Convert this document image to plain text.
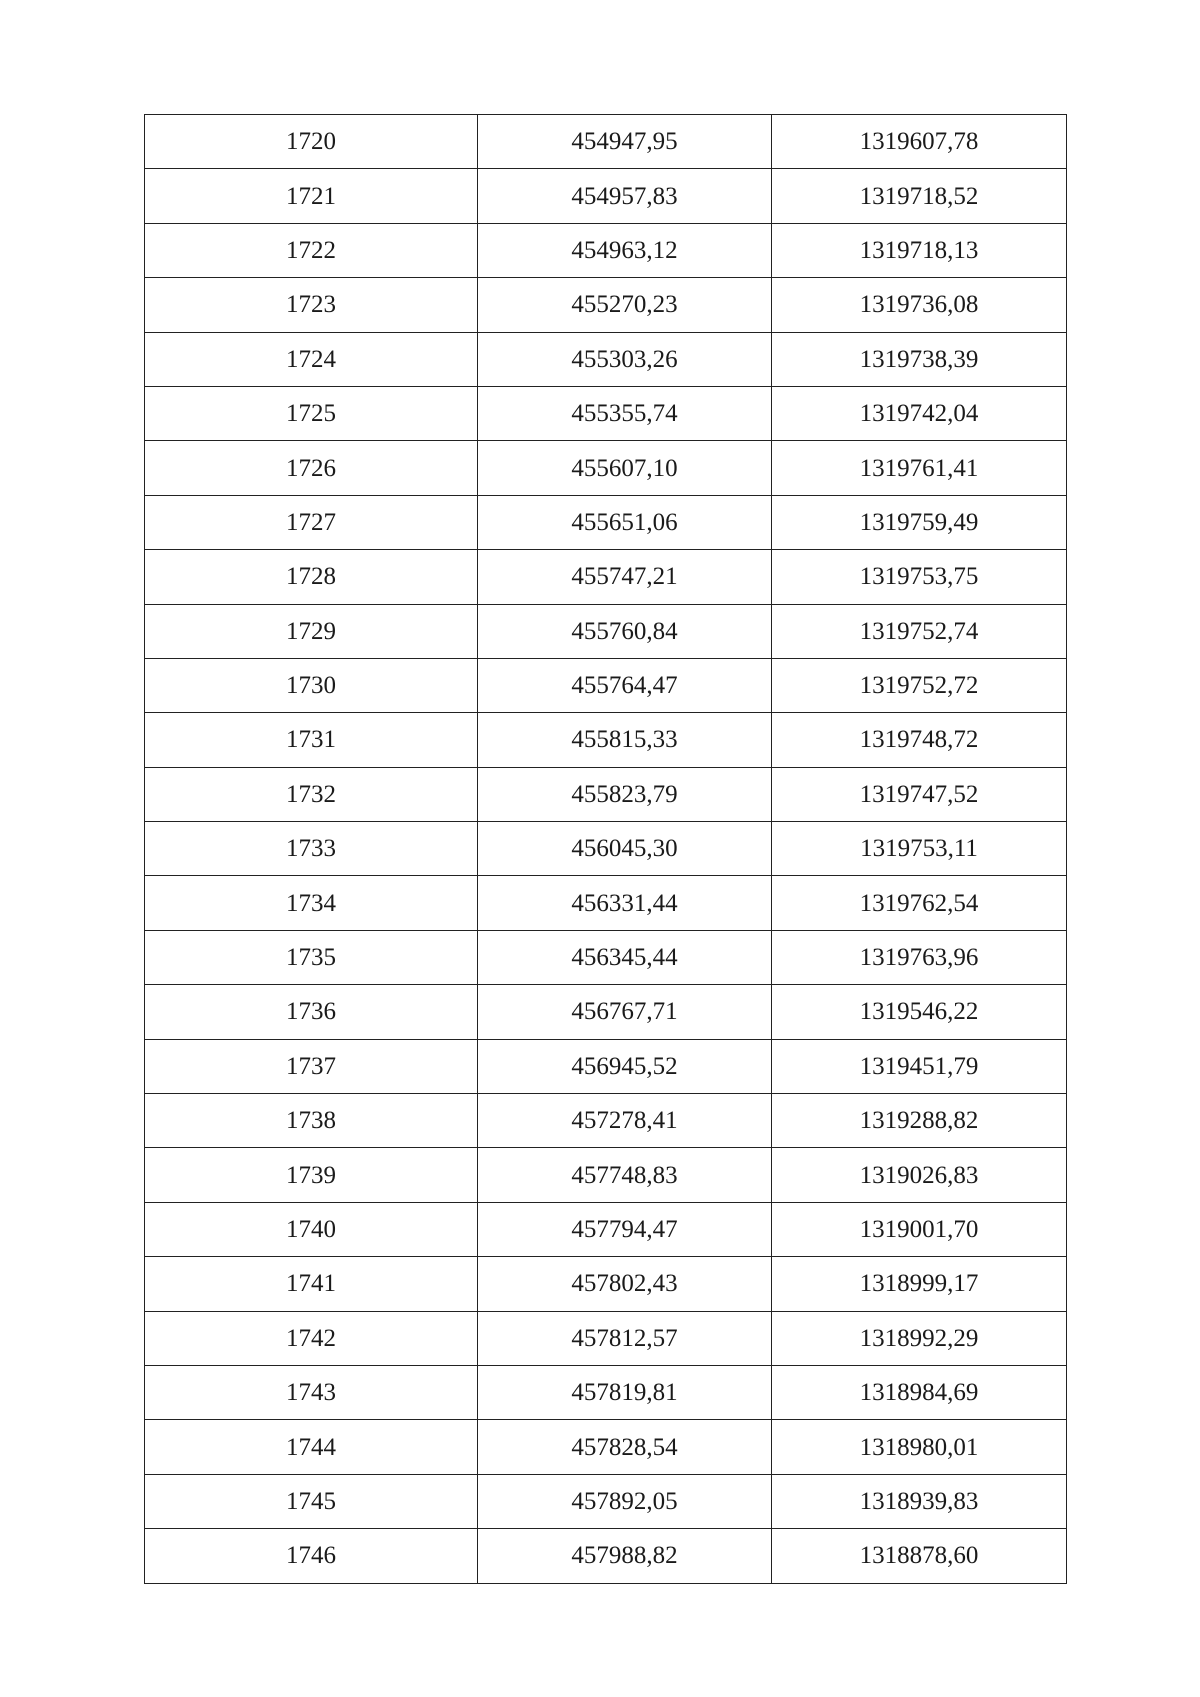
1720	454947,95	1319607,78
1721	454957,83	1319718,52
1722	454963,12	1319718,13
1723	455270,23	1319736,08
1724	455303,26	1319738,39
1725	455355,74	1319742,04
1726	455607,10	1319761,41
1727	455651,06	1319759,49
1728	455747,21	1319753,75
1729	455760,84	1319752,74
1730	455764,47	1319752,72
1731	455815,33	1319748,72
1732	455823,79	1319747,52
1733	456045,30	1319753,11
1734	456331,44	1319762,54
1735	456345,44	1319763,96
1736	456767,71	1319546,22
1737	456945,52	1319451,79
1738	457278,41	1319288,82
1739	457748,83	1319026,83
1740	457794,47	1319001,70
1741	457802,43	1318999,17
1742	457812,57	1318992,29
1743	457819,81	1318984,69
1744	457828,54	1318980,01
1745	457892,05	1318939,83
1746	457988,82	1318878,60
